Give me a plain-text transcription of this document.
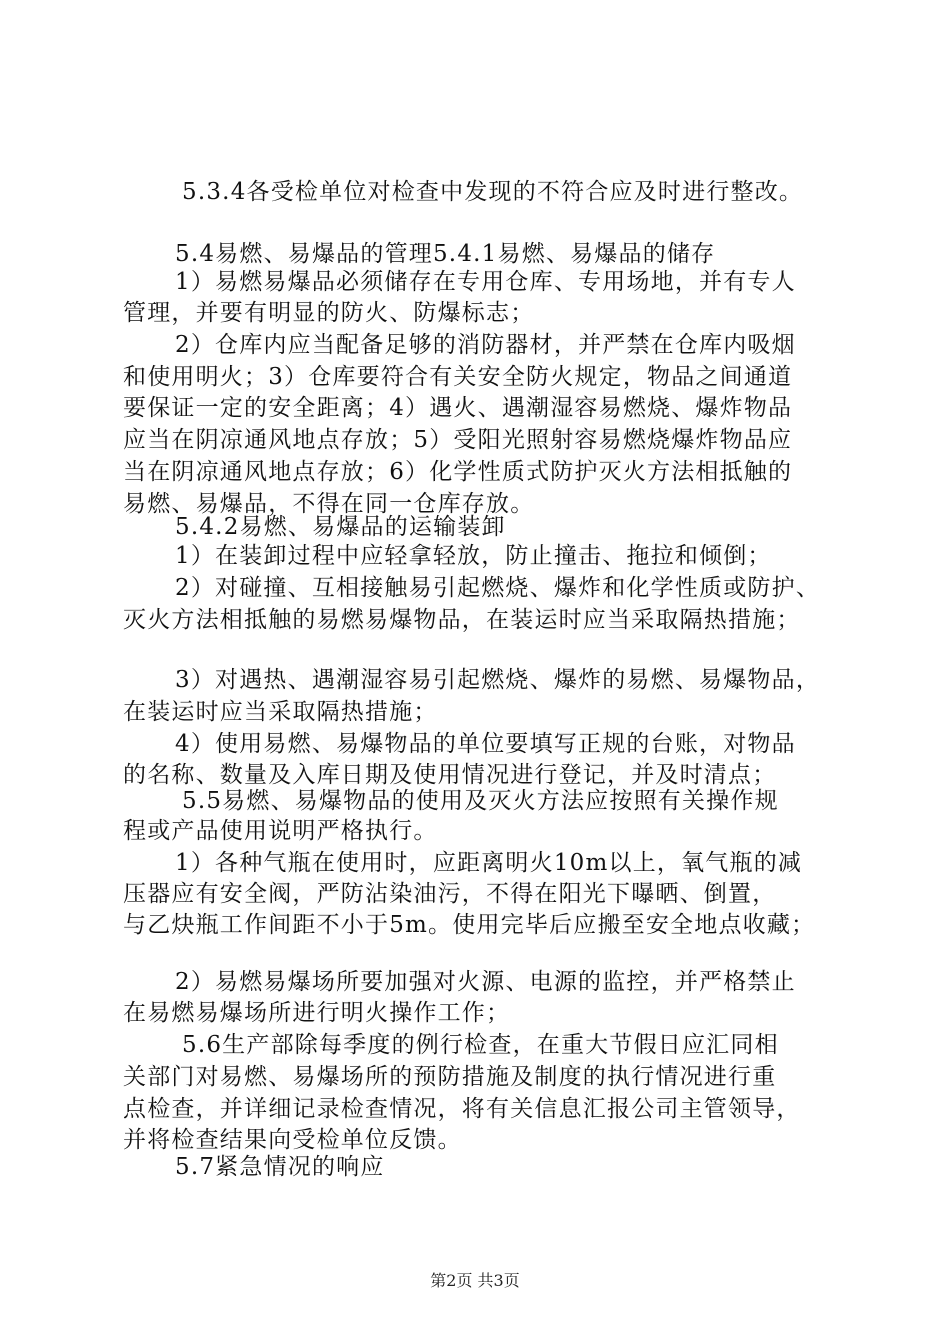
5.3.4各受检单位对检查中发现的不符合应及时进行整改。

5.4易燃、易爆品的管理5.4.1易燃、易爆品的储存

1）易燃易爆品必须储存在专用仓库、专用场地，并有专人

管理，并要有明显的防火、防爆标志；

2）仓库内应当配备足够的消防器材，并严禁在仓库内吸烟

和使用明火；3）仓库要符合有关安全防火规定，物品之间通道

要保证一定的安全距离；4）遇火、遇潮湿容易燃烧、爆炸物品

应当在阴凉通风地点存放；5）受阳光照射容易燃烧爆炸物品应

当在阴凉通风地点存放；6）化学性质式防护灭火方法相抵触的

易燃、易爆品，不得在同一仓库存放。

5.4.2易燃、易爆品的运输装卸

1）在装卸过程中应轻拿轻放，防止撞击、拖拉和倾倒；

2）对碰撞、互相接触易引起燃烧、爆炸和化学性质或防护、

灭火方法相抵触的易燃易爆物品，在装运时应当采取隔热措施；

3）对遇热、遇潮湿容易引起燃烧、爆炸的易燃、易爆物品，

在装运时应当采取隔热措施；

4）使用易燃、易爆物品的单位要填写正规的台账，对物品

的名称、数量及入库日期及使用情况进行登记，并及时清点；

5.5易燃、易爆物品的使用及灭火方法应按照有关操作规

程或产品使用说明严格执行。

1）各种气瓶在使用时，应距离明火10m以上，氧气瓶的减

压器应有安全阀，严防沾染油污，不得在阳光下曝晒、倒置，

与乙炔瓶工作间距不小于5m。使用完毕后应搬至安全地点收藏；

2）易燃易爆场所要加强对火源、电源的监控，并严格禁止

在易燃易爆场所进行明火操作工作；

5.6生产部除每季度的例行检查，在重大节假日应汇同相

关部门对易燃、易爆场所的预防措施及制度的执行情况进行重

点检查，并详细记录检查情况，将有关信息汇报公司主管领导，

并将检查结果向受检单位反馈。

5.7紧急情况的响应

第2页 共3页
